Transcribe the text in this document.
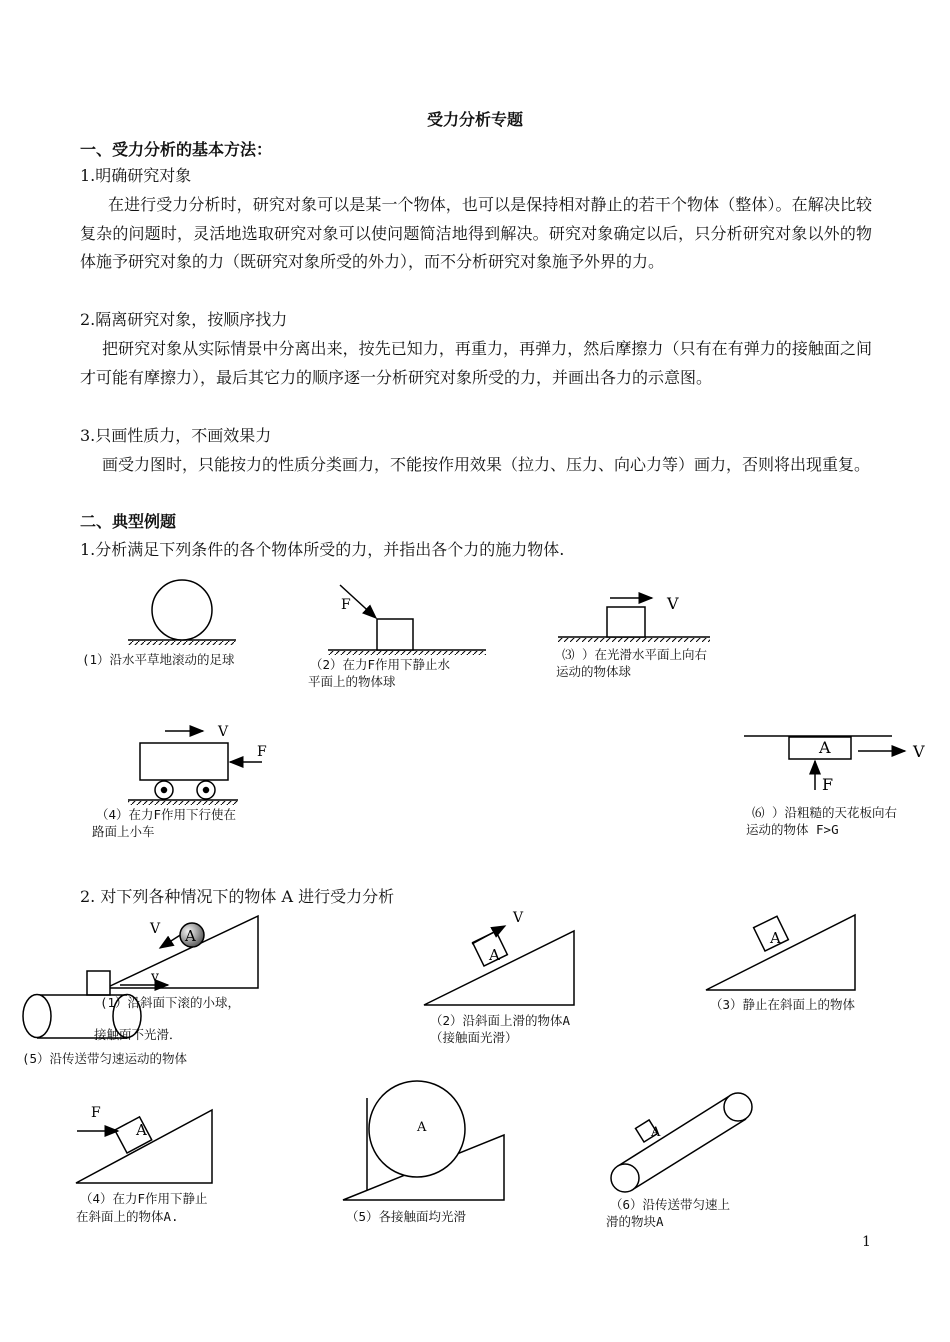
受力分析专题
一、受力分析的基本方法：
1.明确研究对象
在进行受力分析时，研究对象可以是某一个物体，也可以是保持相对静止的若干个物体（整体）。在解决比较复杂的问题时，灵活地选取研究对象可以使问题简洁地得到解决。研究对象确定以后，只分析研究对象以外的物体施予研究对象的力（既研究对象所受的外力），而不分析研究对象施予外界的力。
2.隔离研究对象，按顺序找力
把研究对象从实际情景中分离出来，按先已知力，再重力，再弹力，然后摩擦力（只有在有弹力的接触面之间才可能有摩擦力），最后其它力的顺序逐一分析研究对象所受的力，并画出各力的示意图。
3.只画性质力，不画效果力
画受力图时，只能按力的性质分类画力，不能按作用效果（拉力、压力、向心力等）画力，否则将出现重复。
二、典型例题
1.分析满足下列条件的各个物体所受的力，并指出各个力的施力物体.
2. 对下列各种情况下的物体 A 进行受力分析
(1）沿水平草地滚动的足球	（2）在力F作用下静止水
平面上的物体球
⑶ ）在光滑水平面上向右
运动的物体球
（4）在力F作用下行使在
路面上小车
⑹ ）沿粗糙的天花板向右
运动的物体 F>G
(1）沿斜面下滚的小球，
接触面不光滑．
(5）沿传送带匀速运动的物体
（2）沿斜面上滑的物体A
（接触面光滑）
（3）静止在斜面上的物体
（4）在力F作用下静止
在斜面上的物体A.	（5）各接触面均光滑
（6）沿传送带匀速上
滑的物块A
1
F	V
V
F	A	V
F
V A
v
V
A
A
F
A	A	A
